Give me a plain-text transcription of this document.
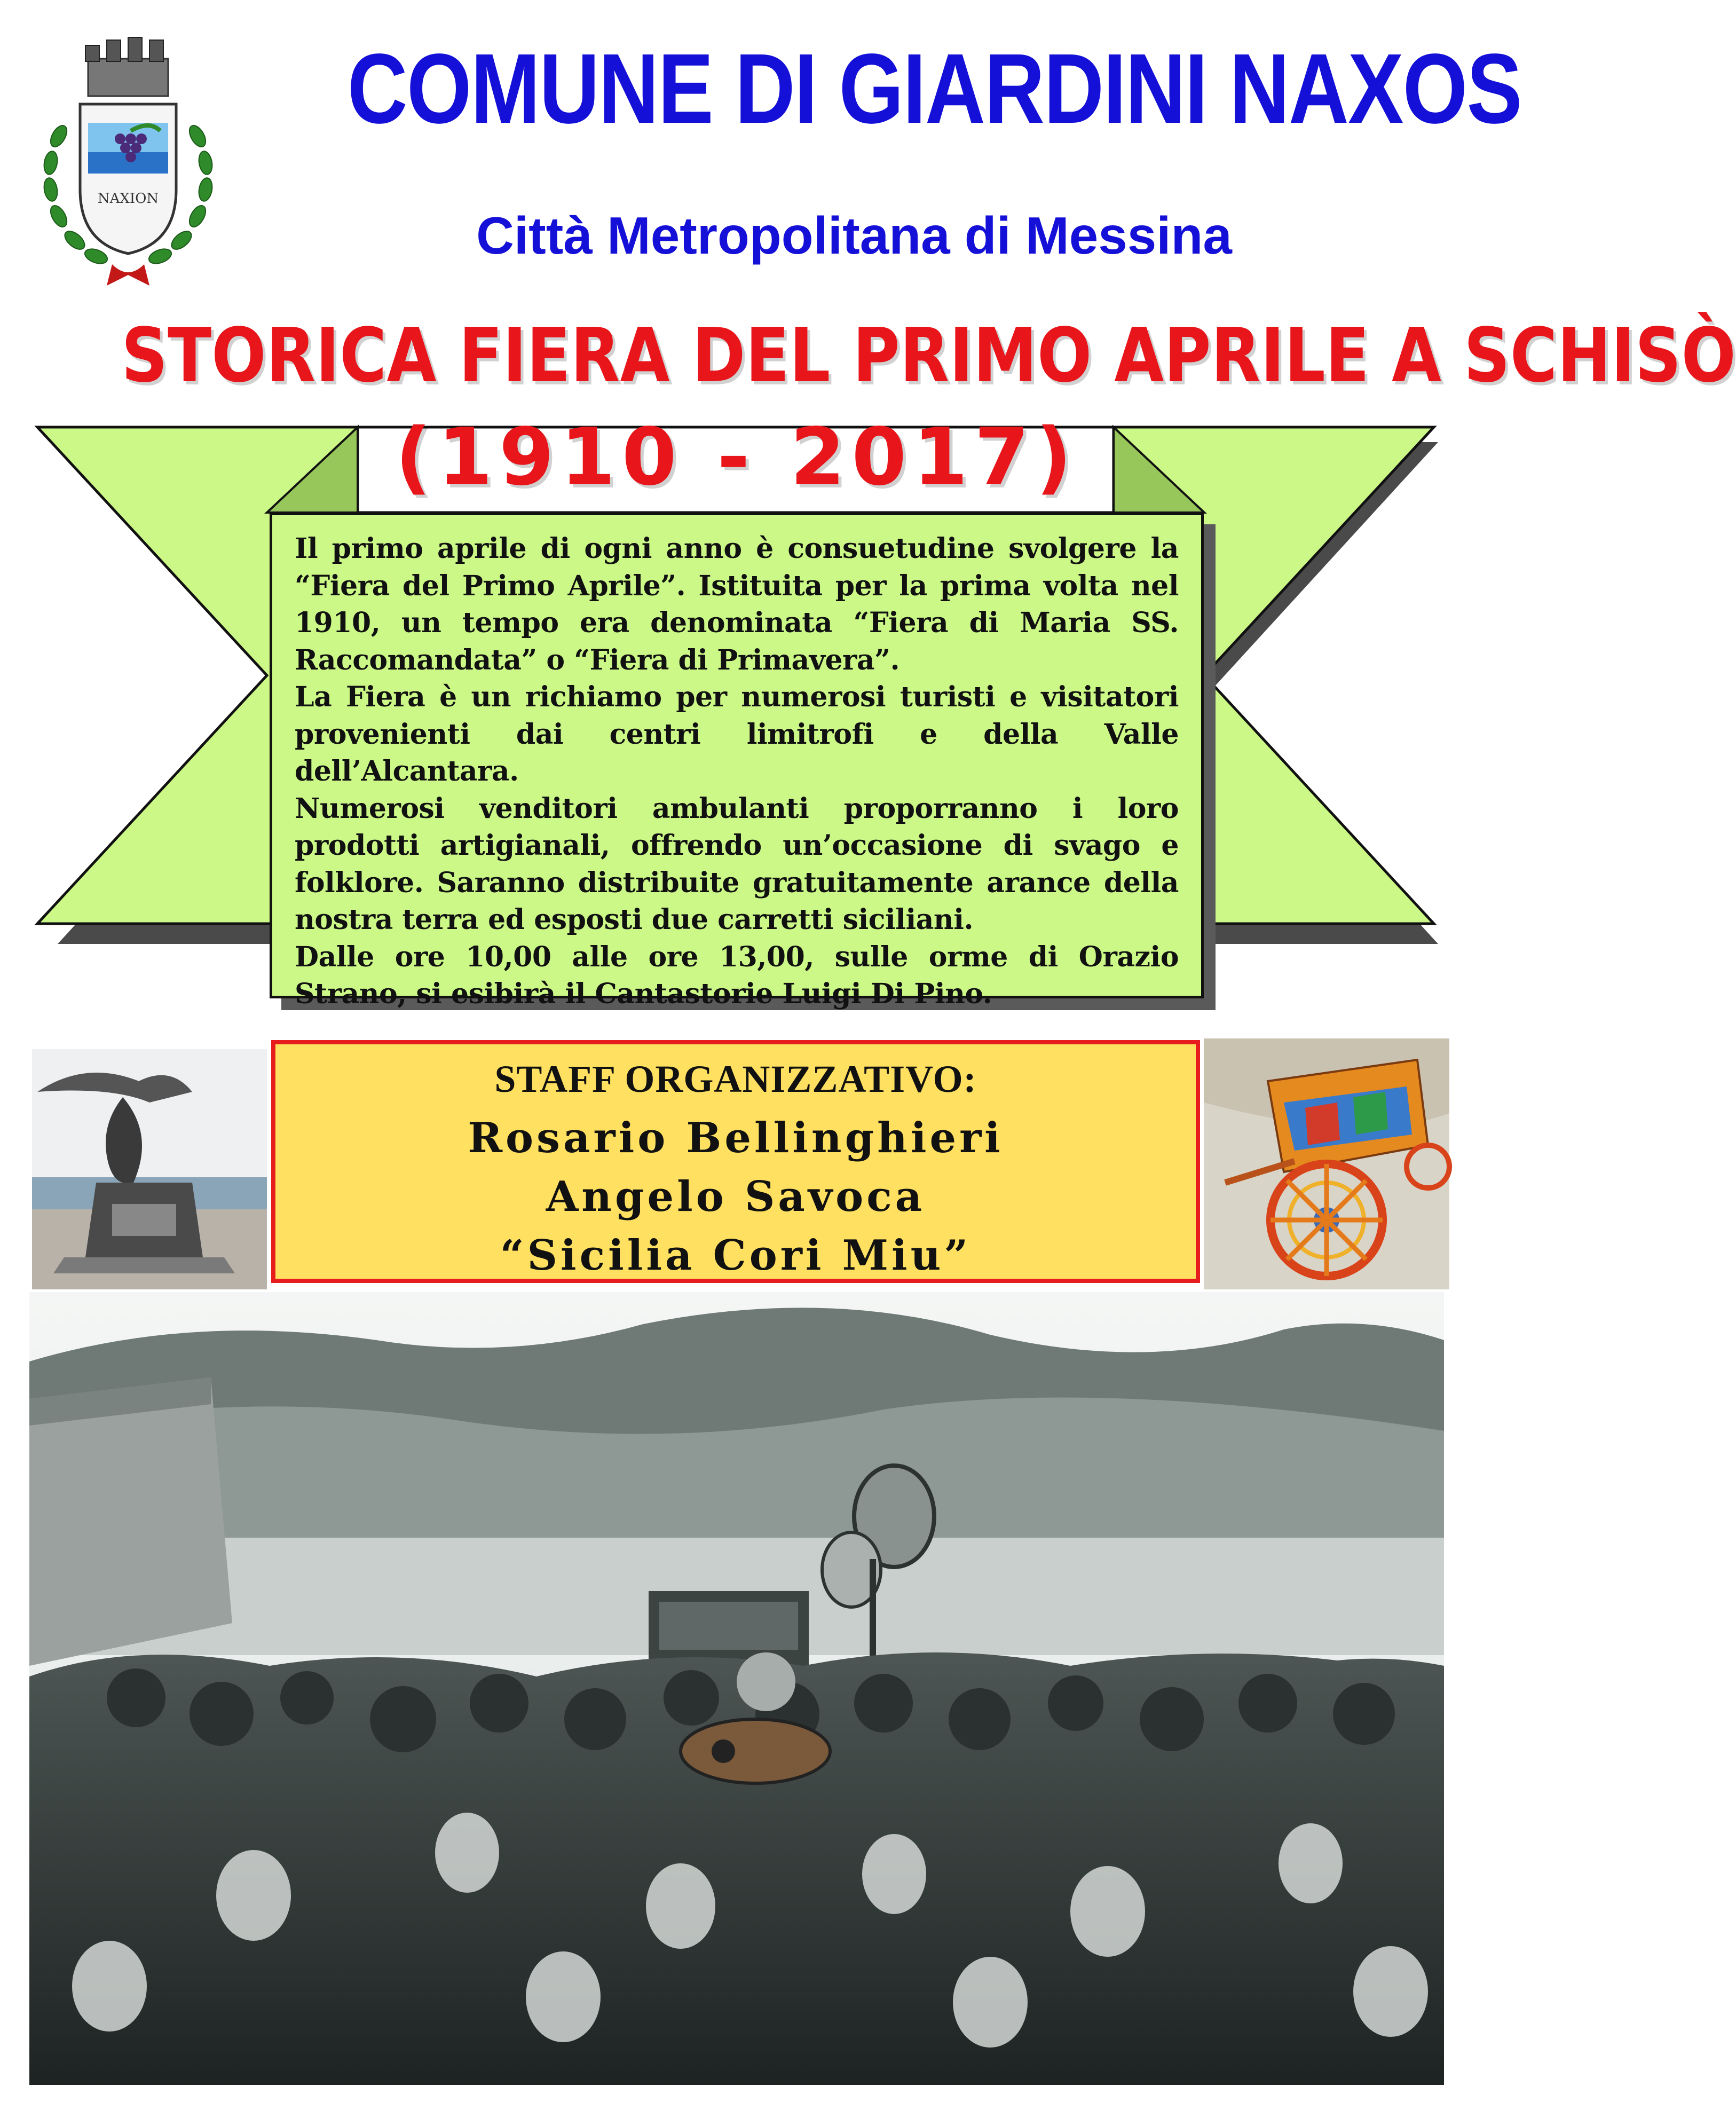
NAXION
COMUNE DI GIARDINI NAXOS
Città Metropolitana di Messina
STORICA FIERA DEL PRIMO APRILE A SCHISÒ
(1910 - 2017)

Il primo aprile di ogni anno è consuetudine svolgere la “Fiera del Primo Aprile”. Istituita per la prima volta nel 1910, un tempo era denominata “Fiera di Maria SS. Raccomandata” o “Fiera di Primavera”.

La Fiera è un richiamo per numerosi turisti e visitatori provenienti dai centri limitrofi e della Valle dell’Alcantara.

Numerosi venditori ambulanti proporranno i loro prodotti artigianali, offrendo un’occasione di svago e folklore. Saranno distribuite gratuitamente arance della nostra terra ed esposti due carretti siciliani.

Dalle ore 10,00 alle ore 13,00, sulle orme di Orazio Strano, si esibirà il Cantastorie Luigi Di Pino.

STAFF ORGANIZZATIVO:
Rosario Bellinghieri
Angelo Savoca
“Sicilia Cori Miu”
